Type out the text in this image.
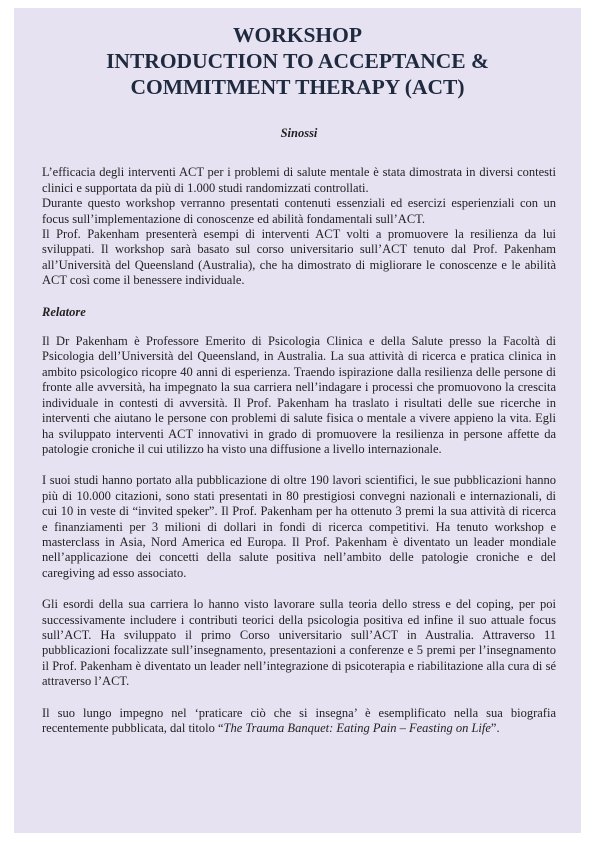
WORKSHOP
INTRODUCTION TO ACCEPTANCE &
COMMITMENT THERAPY (ACT)
Sinossi

L’efficacia degli interventi ACT per i problemi di salute mentale è stata dimostrata in diversi contesti clinici e supportata da più di 1.000 studi randomizzati controllati.

Durante questo workshop verranno presentati contenuti essenziali ed esercizi esperienziali con un focus sull’implementazione di conoscenze ed abilità fondamentali sull’ACT.

Il Prof. Pakenham presenterà esempi di interventi ACT volti a promuovere la resilienza da lui sviluppati. Il workshop sarà basato sul corso universitario sull’ACT tenuto dal Prof. Pakenham all’Università del Queensland (Australia), che ha dimostrato di migliorare le conoscenze e le abilità ACT così come il benessere individuale.

Relatore

Il Dr Pakenham è Professore Emerito di Psicologia Clinica e della Salute presso la Facoltà di Psicologia dell’Università del Queensland, in Australia. La sua attività di ricerca e pratica clinica in ambito psicologico ricopre 40 anni di esperienza. Traendo ispirazione dalla resilienza delle persone di fronte alle avversità, ha impegnato la sua carriera nell’indagare i processi che promuovono la crescita individuale in contesti di avversità. Il Prof. Pakenham ha traslato i risultati delle sue ricerche in interventi che aiutano le persone con problemi di salute fisica o mentale a vivere appieno la vita. Egli ha sviluppato interventi ACT innovativi in grado di promuovere la resilienza in persone affette da patologie croniche il cui utilizzo ha visto una diffusione a livello internazionale.

I suoi studi hanno portato alla pubblicazione di oltre 190 lavori scientifici, le sue pubblicazioni hanno più di 10.000 citazioni, sono stati presentati in 80 prestigiosi convegni nazionali e internazionali, di cui 10 in veste di “invited speker”. Il Prof. Pakenham per ha ottenuto 3 premi la sua attività di ricerca e finanziamenti per 3 milioni di dollari in fondi di ricerca competitivi. Ha tenuto workshop e masterclass in Asia, Nord America ed Europa. Il Prof. Pakenham è diventato un leader mondiale nell’applicazione dei concetti della salute positiva nell’ambito delle patologie croniche e del caregiving ad esso associato.

Gli esordi della sua carriera lo hanno visto lavorare sulla teoria dello stress e del coping, per poi successivamente includere i contributi teorici della psicologia positiva ed infine il suo attuale focus sull’ACT. Ha sviluppato il primo Corso universitario sull’ACT in Australia. Attraverso 11 pubblicazioni focalizzate sull’insegnamento, presentazioni a conferenze e 5 premi per l’insegnamento il Prof. Pakenham è diventato un leader nell’integrazione di psicoterapia e riabilitazione alla cura di sé attraverso l’ACT.

Il suo lungo impegno nel ‘praticare ciò che si insegna’ è esemplificato nella sua biografia recentemente pubblicata, dal titolo “The Trauma Banquet: Eating Pain – Feasting on Life”.
